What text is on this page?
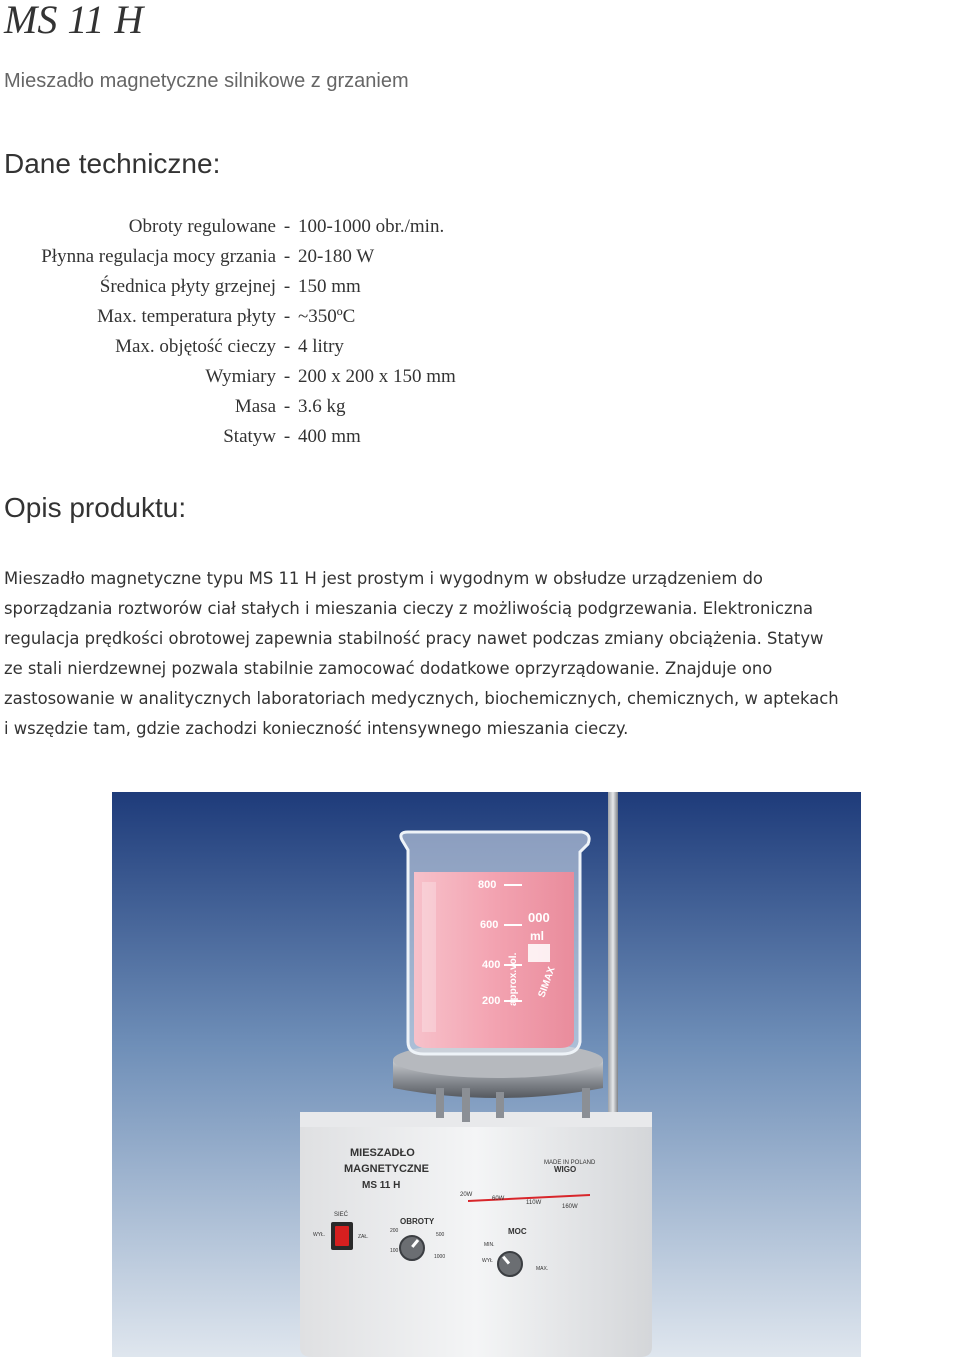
MS 11 H
Mieszadło magnetyczne silnikowe z grzaniem
Dane techniczne:
Obroty regulowane - 100-1000 obr./min.
Płynna regulacja mocy grzania - 20-180 W
Średnica płyty grzejnej - 150 mm
Max. temperatura płyty - ~350ºC
Max. objętość cieczy - 4 litry
Wymiary - 200 x 200 x 150 mm
Masa - 3.6 kg
Statyw - 400 mm
Opis produktu:

Mieszadło magnetyczne typu MS 11 H jest prostym i wygodnym w obsłudze urządzeniem do
sporządzania roztworów ciał stałych i mieszania cieczy z możliwością podgrzewania. Elektroniczna
regulacja prędkości obrotowej zapewnia stabilność pracy nawet podczas zmiany obciążenia. Statyw
ze stali nierdzewnej pozwala stabilnie zamocować dodatkowe oprzyrządowanie. Znajduje ono
zastosowanie w analitycznych laboratoriach medycznych, biochemicznych, chemicznych, w aptekach
i wszędzie tam, gdzie zachodzi konieczność intensywnego mieszania cieczy.

800
600
400
200
000
ml
approx.vol. SIMAX
MIESZADŁO
MAGNETYCZNE
MS 11 H
MADE IN POLAND
WIGO
20W
60W
110W
160W
SIEĆ
WYŁ.	ZAŁ.
OBROTY
200
500
100
1000
MOC
MIN.
WYŁ
MAX.
